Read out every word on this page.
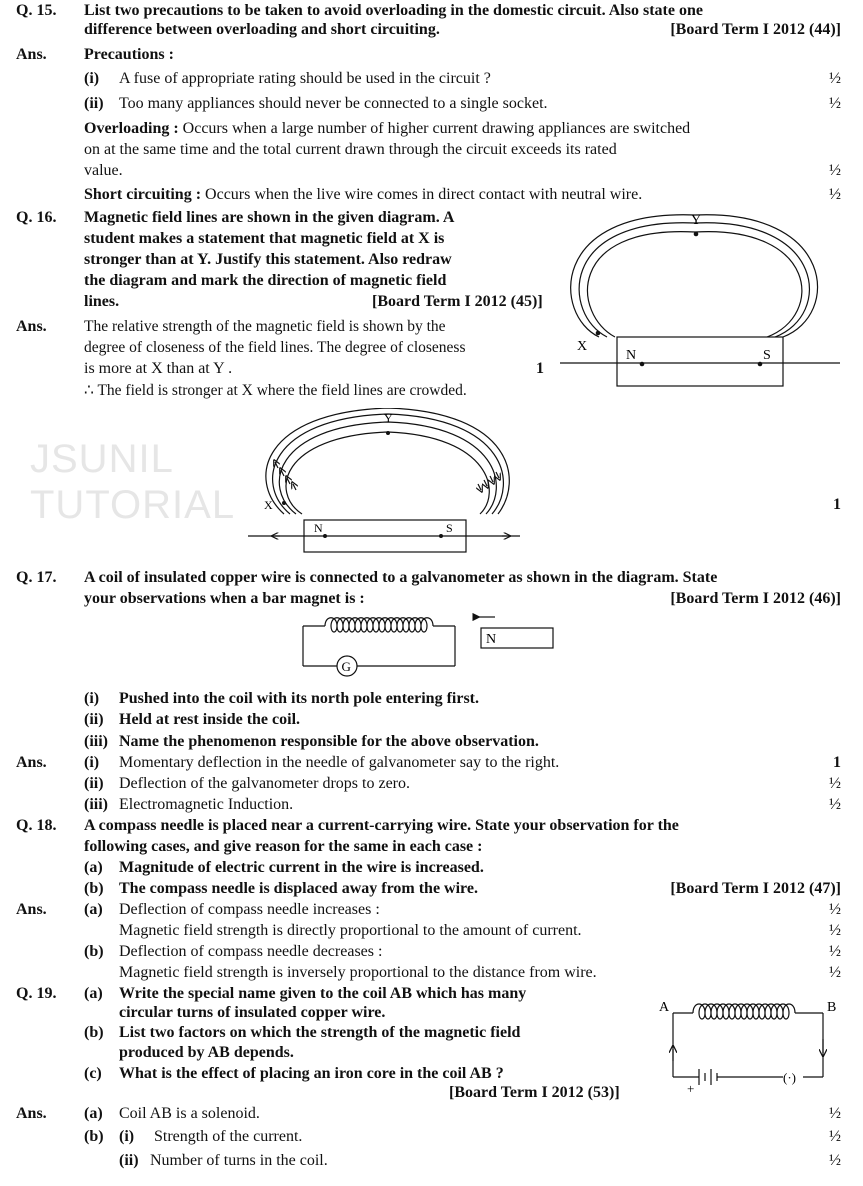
JSUNIL
TUTORIAL
Q. 15. List two precautions to be taken to avoid overloading in the domestic circuit. Also state one
difference between overloading and short circuiting.	[Board Term I 2012 (44)]
Ans. Precautions :
(i) A fuse of appropriate rating should be used in the circuit ?	½
(ii) Too many appliances should never be connected to a single socket.	½
Overloading : Occurs when a large number of higher current drawing appliances are switched
on at the same time and the total current drawn through the circuit exceeds its rated
value.	½
Short circuiting : Occurs when the live wire comes in direct contact with neutral wire.	½
Q. 16. Magnetic field lines are shown in the given diagram. A
student makes a statement that magnetic field at X is
stronger than at Y. Justify this statement. Also redraw
the diagram and mark the direction of magnetic field
lines.	[Board Term I 2012 (45)]
Ans. The relative strength of the magnetic field is shown by the
degree of closeness of the field lines. The degree of closeness
is more at X than at Y .	1
∴ The field is stronger at X where the field lines are crowded.
Y
X
N	S
Y
X
N	S
1
Q. 17. A coil of insulated copper wire is connected to a galvanometer as shown in the diagram. State
your observations when a bar magnet is :	[Board Term I 2012 (46)]
G
N
(i) Pushed into the coil with its north pole entering first.
(ii) Held at rest inside the coil.
(iii) Name the phenomenon responsible for the above observation.
Ans. (i) Momentary deflection in the needle of galvanometer say to the right.	1
(ii) Deflection of the galvanometer drops to zero.	½
(iii) Electromagnetic Induction.	½
Q. 18. A compass needle is placed near a current-carrying wire. State your observation for the
following cases, and give reason for the same in each case :
(a) Magnitude of electric current in the wire is increased.
(b) The compass needle is displaced away from the wire.	[Board Term I 2012 (47)]
Ans. (a) Deflection of compass needle increases :	½
Magnetic field strength is directly proportional to the amount of current.	½
(b) Deflection of compass needle decreases :	½
Magnetic field strength is inversely proportional to the distance from wire.	½
Q. 19. (a) Write the special name given to the coil AB which has many
circular turns of insulated copper wire.
(b) List two factors on which the strength of the magnetic field
produced by AB depends.
(c) What is the effect of placing an iron core in the coil AB ?
[Board Term I 2012 (53)]
A	B
+
(·)
Ans. (a) Coil AB is a solenoid.	½
(b) (i) Strength of the current.	½
(ii) Number of turns in the coil.	½
